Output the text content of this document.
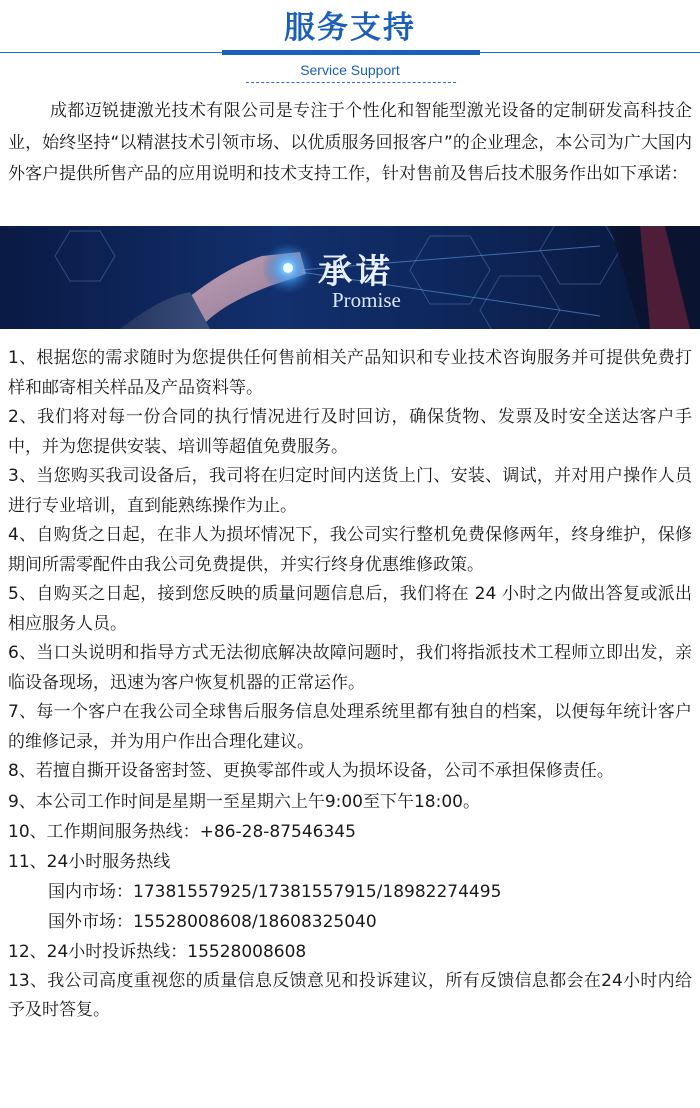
服务支持
Service Support

成都迈锐捷激光技术有限公司是专注于个性化和智能型激光设备的定制研发高科技企业，始终坚持“以精湛技术引领市场、以优质服务回报客户”的企业理念，本公司为广大国内外客户提供所售产品的应用说明和技术支持工作，针对售前及售后技术服务作出如下承诺：

承诺
Promise

1、根据您的需求随时为您提供任何售前相关产品知识和专业技术咨询服务并可提供免费打样和邮寄相关样品及产品资料等。

2、我们将对每一份合同的执行情况进行及时回访，确保货物、发票及时安全送达客户手中，并为您提供安装、培训等超值免费服务。

3、当您购买我司设备后，我司将在归定时间内送货上门、安装、调试，并对用户操作人员进行专业培训，直到能熟练操作为止。

4、自购货之日起，在非人为损坏情况下，我公司实行整机免费保修两年，终身维护，保修期间所需零配件由我公司免费提供，并实行终身优惠维修政策。

5、自购买之日起，接到您反映的质量问题信息后，我们将在 24 小时之内做出答复或派出相应服务人员。

6、当口头说明和指导方式无法彻底解决故障问题时，我们将指派技术工程师立即出发，亲临设备现场，迅速为客户恢复机器的正常运作。

7、每一个客户在我公司全球售后服务信息处理系统里都有独自的档案，以便每年统计客户的维修记录，并为用户作出合理化建议。

8、若擅自撕开设备密封签、更换零部件或人为损坏设备，公司不承担保修责任。

9、本公司工作时间是星期一至星期六上午9:00至下午18:00。

10、工作期间服务热线：+86-28-87546345

11、24小时服务热线

国内市场：17381557925/17381557915/18982274495
国外市场：15528008608/18608325040

12、24小时投诉热线：15528008608

13、我公司高度重视您的质量信息反馈意见和投诉建议，所有反馈信息都会在24小时内给予及时答复。
